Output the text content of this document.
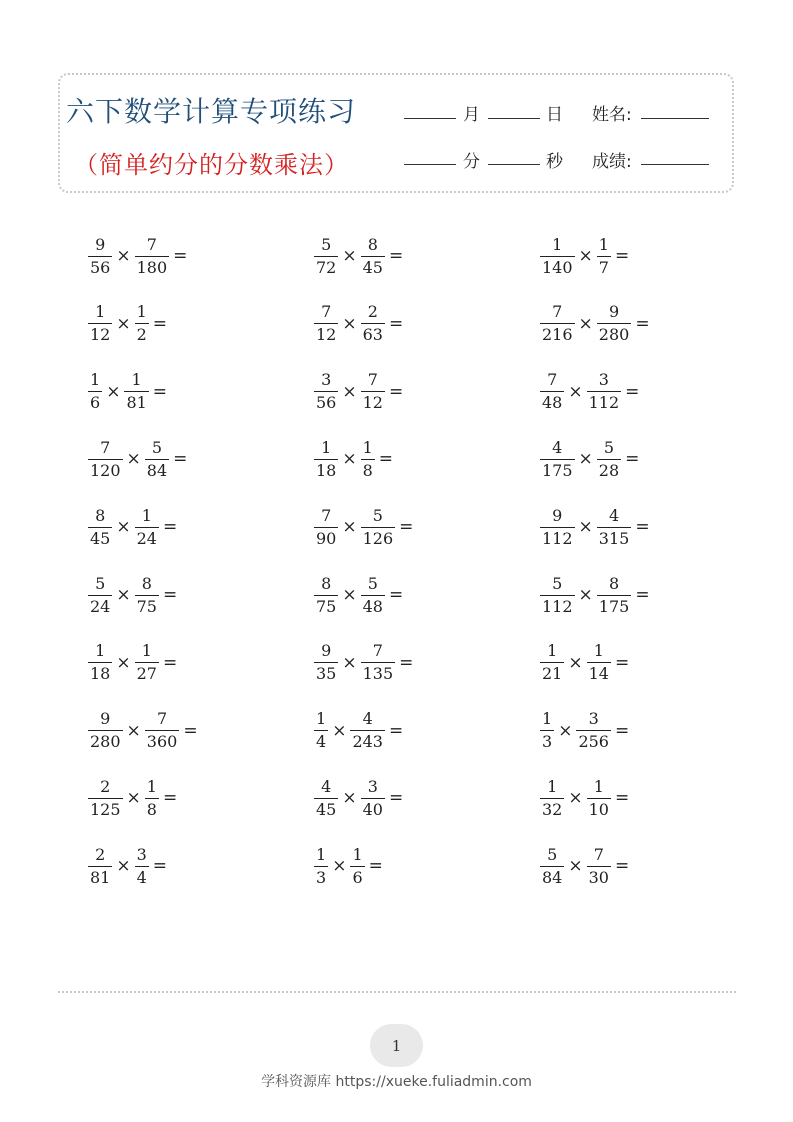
六下数学计算专项练习
（简单约分的分数乘法）
月	日 姓名:
分	秒 成绩:
$\frac{9}{56} \times \frac{7}{180}$ =	$\frac{5}{72} \times \frac{8}{45}$ =	$\frac{1}{140} \times \frac{1}{7}$ =
$\frac{1}{12} \times \frac{1}{2}$ =	$\frac{7}{12} \times \frac{2}{63}$ =	$\frac{7}{216} \times \frac{9}{280}$ =
$\frac{1}{6} \times \frac{1}{81}$ =	$\frac{3}{56} \times \frac{7}{12}$ =	$\frac{7}{48} \times \frac{3}{112}$ =
$\frac{7}{120} \times \frac{5}{84}$ =	$\frac{1}{18} \times \frac{1}{8}$ =	$\frac{4}{175} \times \frac{5}{28}$ =
$\frac{8}{45} \times \frac{1}{24}$ =	$\frac{7}{90} \times \frac{5}{126}$ =	$\frac{9}{112} \times \frac{4}{315}$ =
$\frac{5}{24} \times \frac{8}{75}$ =	$\frac{8}{75} \times \frac{5}{48}$ =	$\frac{5}{112} \times \frac{8}{175}$ =
$\frac{1}{18} \times \frac{1}{27}$ =	$\frac{9}{35} \times \frac{7}{135}$ =	$\frac{1}{21} \times \frac{1}{14}$ =
$\frac{9}{280} \times \frac{7}{360}$ =	$\frac{1}{4} \times \frac{4}{243}$ =	$\frac{1}{3} \times \frac{3}{256}$ =
$\frac{2}{125} \times \frac{1}{8}$ =	$\frac{4}{45} \times \frac{3}{40}$ =	$\frac{1}{32} \times \frac{1}{10}$ =
$\frac{2}{81} \times \frac{3}{4}$ =	$\frac{1}{3} \times \frac{1}{6}$ =	$\frac{5}{84} \times \frac{7}{30}$ =
1
学科资源库 https://xueke.fuliadmin.com
